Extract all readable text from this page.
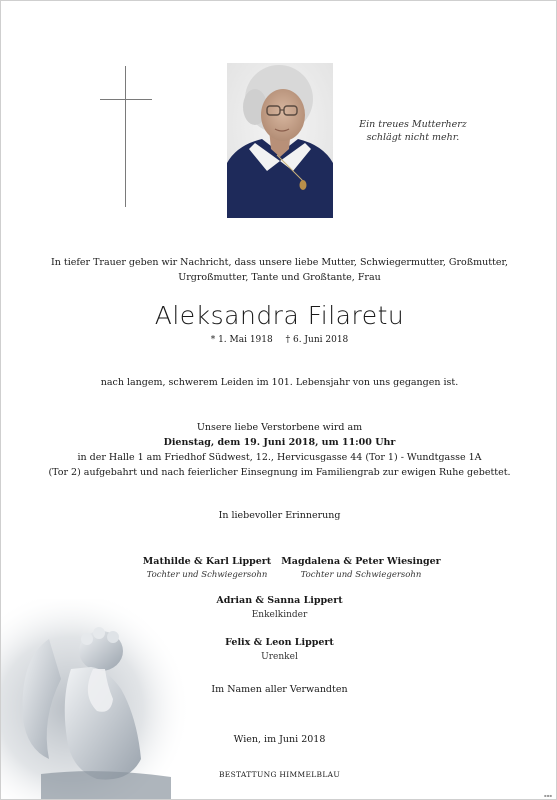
Ein treues Mutterherz
schlägt nicht mehr.
In tiefer Trauer geben wir Nachricht, dass unsere liebe Mutter, Schwiegermutter, Großmutter,
Urgroßmutter, Tante und Großtante, Frau
Aleksandra Filaretu
* 1. Mai 1918 † 6. Juni 2018
nach langem, schwerem Leiden im 101. Lebensjahr von uns gegangen ist.
Unsere liebe Verstorbene wird am
Dienstag, dem 19. Juni 2018, um 11:00 Uhr
in der Halle 1 am Friedhof Südwest, 12., Hervicusgasse 44 (Tor 1) - Wundtgasse 1A
(Tor 2) aufgebahrt und nach feierlicher Einsegnung im Familiengrab zur ewigen Ruhe gebettet.
In liebevoller Erinnerung
Mathilde & Karl Lippert
Tochter und Schwiegersohn
Magdalena & Peter Wiesinger
Tochter und Schwiegersohn
Adrian & Sanna Lippert
Enkelkinder
Felix & Leon Lippert
Urenkel
Im Namen aller Verwandten
Wien, im Juni 2018
BESTATTUNG HIMMELBLAU
▪▪▪
